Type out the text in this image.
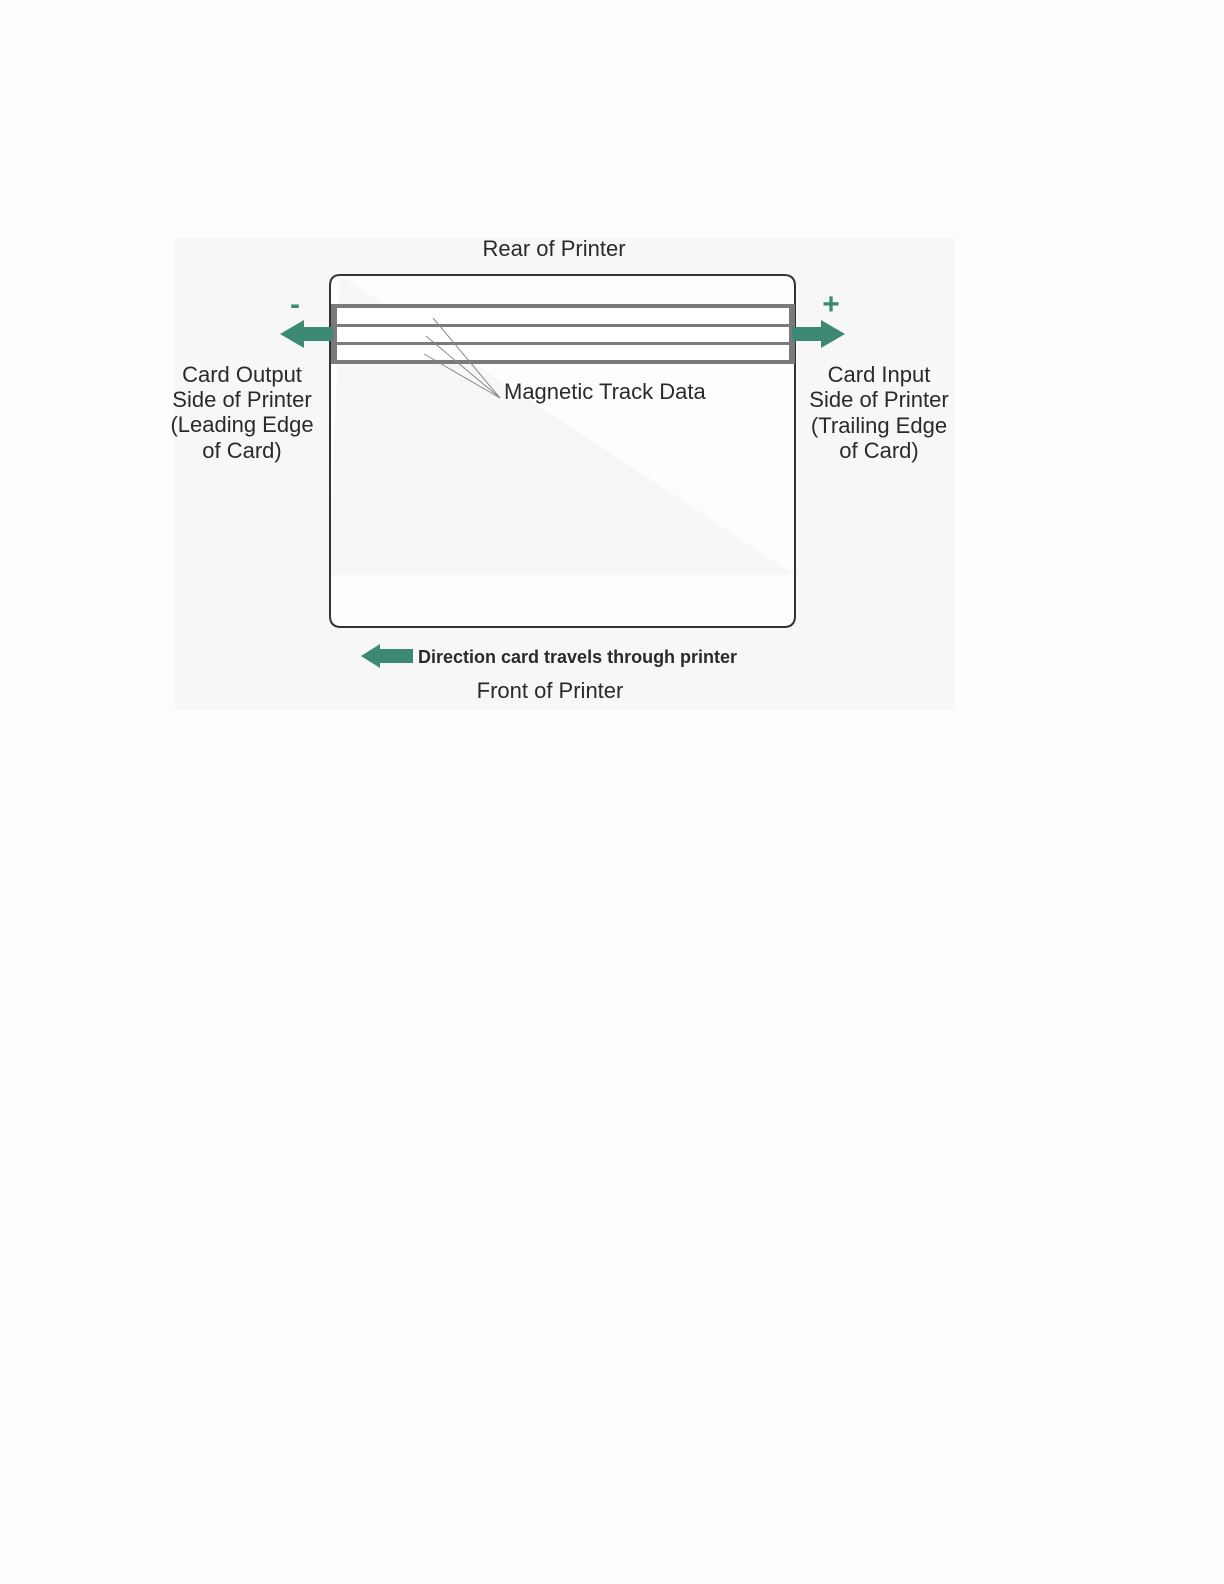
Rear of Printer
Magnetic Track Data
-	+
Card Output
Side of Printer
(Leading Edge
of Card)
Card Input
Side of Printer
(Trailing Edge
of Card)
Direction card travels through printer
Front of Printer
